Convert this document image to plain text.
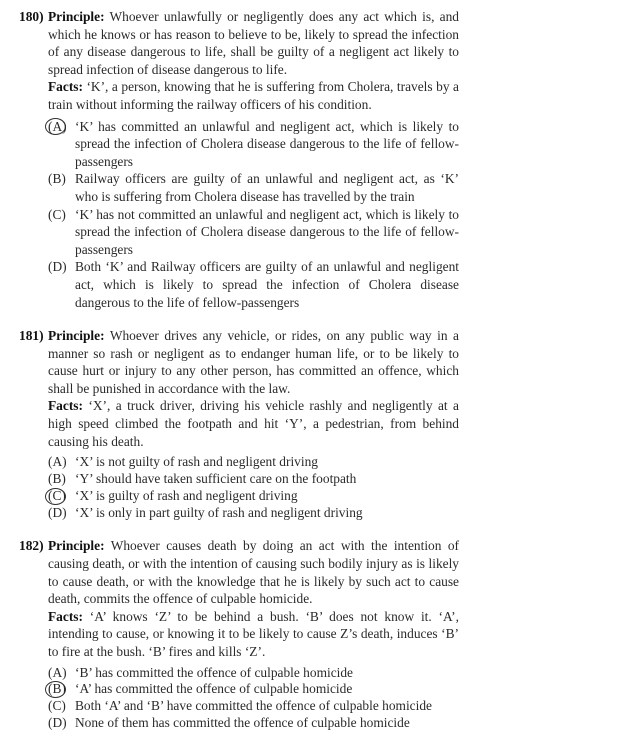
180) Principle: Whoever unlawfully or negligently does any act which is, and which he knows or has reason to believe to be, likely to spread the infection of any disease dangerous to life, shall be guilty of a negligent act likely to spread infection of disease dangerous to life.
Facts: ‘K’, a person, knowing that he is suffering from Cholera, travels by a train without informing the railway officers of his condition.
(A) ‘K’ has committed an unlawful and negligent act, which is likely to spread the infection of Cholera disease dangerous to the life of fellow-passengers
(B) Railway officers are guilty of an unlawful and negligent act, as ‘K’ who is suffering from Cholera disease has travelled by the train
(C) ‘K’ has not committed an unlawful and negligent act, which is likely to spread the infection of Cholera disease dangerous to the life of fellow-passengers
(D) Both ‘K’ and Railway officers are guilty of an unlawful and negligent act, which is likely to spread the infection of Cholera disease dangerous to the life of fellow-passengers
181) Principle: Whoever drives any vehicle, or rides, on any public way in a manner so rash or negligent as to endanger human life, or to be likely to cause hurt or injury to any other person, has committed an offence, which shall be punished in accordance with the law.
Facts: ‘X’, a truck driver, driving his vehicle rashly and negligently at a high speed climbed the footpath and hit ‘Y’, a pedestrian, from behind causing his death.
(A) ‘X’ is not guilty of rash and negligent driving
(B) ‘Y’ should have taken sufficient care on the footpath
(C) ‘X’ is guilty of rash and negligent driving
(D) ‘X’ is only in part guilty of rash and negligent driving
182) Principle: Whoever causes death by doing an act with the intention of causing death, or with the intention of causing such bodily injury as is likely to cause death, or with the knowledge that he is likely by such act to cause death, commits the offence of culpable homicide.
Facts: ‘A’ knows ‘Z’ to be behind a bush. ‘B’ does not know it. ‘A’, intending to cause, or knowing it to be likely to cause Z’s death, induces ‘B’ to fire at the bush. ‘B’ fires and kills ‘Z’.
(A) ‘B’ has committed the offence of culpable homicide
(B) ‘A’ has committed the offence of culpable homicide
(C) Both ‘A’ and ‘B’ have committed the offence of culpable homicide
(D) None of them has committed the offence of culpable homicide
